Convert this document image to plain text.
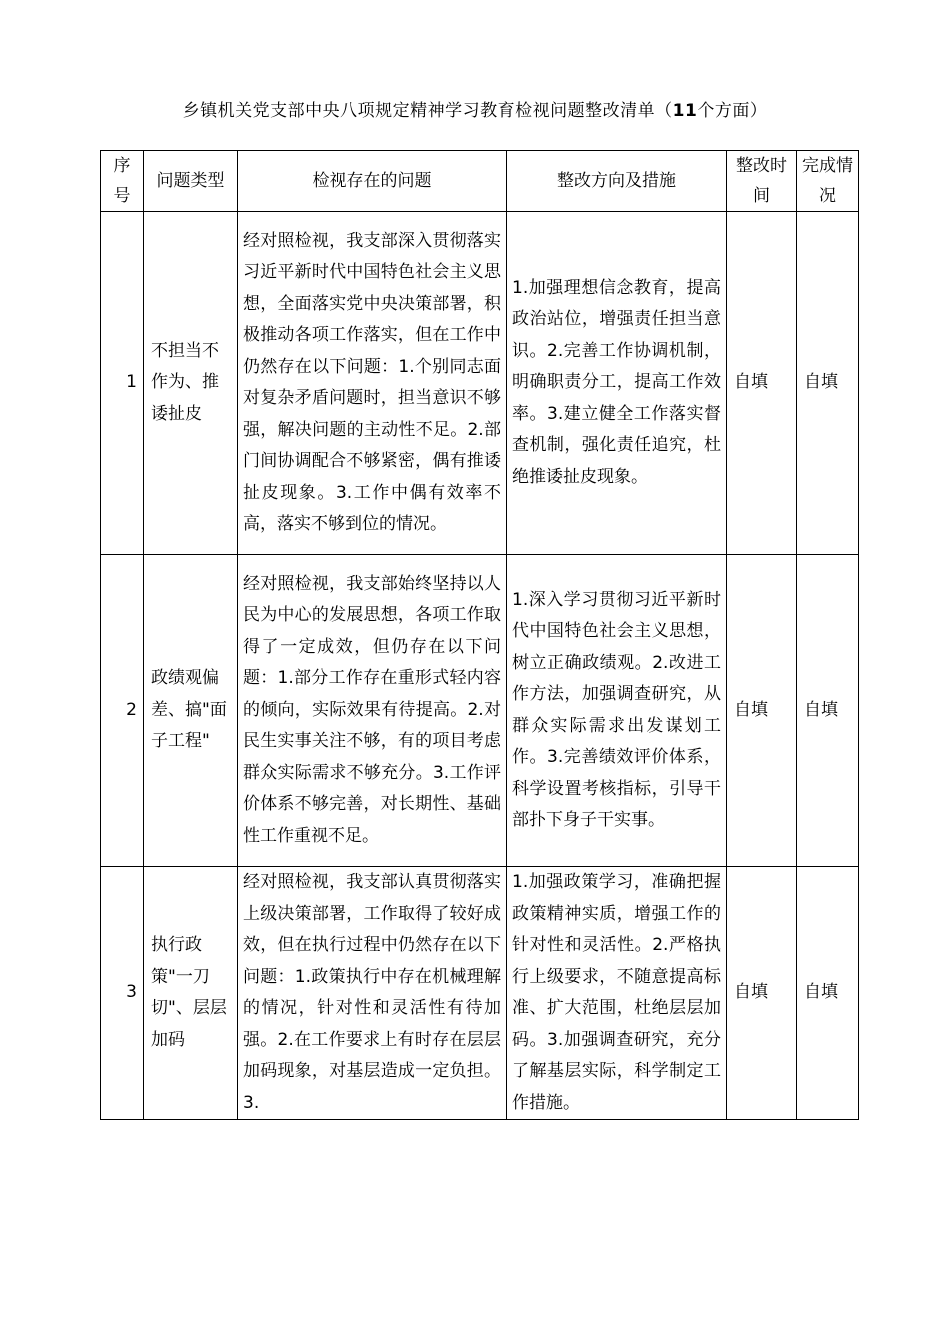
乡镇机关党支部中央八项规定精神学习教育检视问题整改清单（11个方面）
序号	问题类型	检视存在的问题	整改方向及措施	整改时间	完成情况
1	不担当不作为、推诿扯皮	经对照检视，我支部深入贯彻落实习近平新时代中国特色社会主义思想，全面落实党中央决策部署，积极推动各项工作落实，但在工作中仍然存在以下问题：1.个别同志面对复杂矛盾问题时，担当意识不够强，解决问题的主动性不足。2.部门间协调配合不够紧密，偶有推诿扯皮现象。3.工作中偶有效率不高，落实不够到位的情况。	1.加强理想信念教育，提高政治站位，增强责任担当意识。2.完善工作协调机制，明确职责分工，提高工作效率。3.建立健全工作落实督查机制，强化责任追究，杜绝推诿扯皮现象。	自填	自填
2	政绩观偏差、搞"面子工程"	经对照检视，我支部始终坚持以人民为中心的发展思想，各项工作取得了一定成效，但仍存在以下问题：1.部分工作存在重形式轻内容的倾向，实际效果有待提高。2.对民生实事关注不够，有的项目考虑群众实际需求不够充分。3.工作评价体系不够完善，对长期性、基础性工作重视不足。	1.深入学习贯彻习近平新时代中国特色社会主义思想，树立正确政绩观。2.改进工作方法，加强调查研究，从群众实际需求出发谋划工作。3.完善绩效评价体系，科学设置考核指标，引导干部扑下身子干实事。	自填	自填
3	执行政策"一刀切"、层层加码	经对照检视，我支部认真贯彻落实上级决策部署，工作取得了较好成效，但在执行过程中仍然存在以下问题：1.政策执行中存在机械理解的情况，针对性和灵活性有待加强。2.在工作要求上有时存在层层加码现象，对基层造成一定负担。3.	1.加强政策学习，准确把握政策精神实质，增强工作的针对性和灵活性。2.严格执行上级要求，不随意提高标准、扩大范围，杜绝层层加码。3.加强调查研究，充分了解基层实际，科学制定工作措施。	自填	自填
